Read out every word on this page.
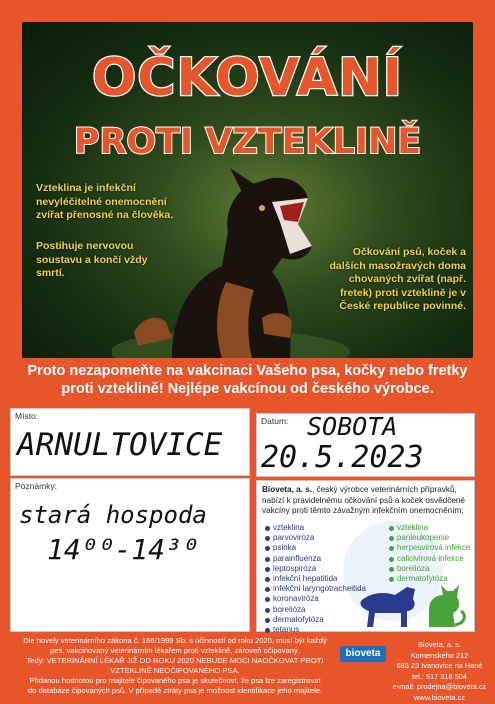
OČKOVÁNÍ
PROTI VZTEKLINĚ
Vzteklina je infekční nevyléčitelné onemocnění zvířat přenosné na člověka.
Postihuje nervovou soustavu a končí vždy smrtí.
Očkování psů, koček a dalších masožravých doma chovaných zvířat (např. fretek) proti vzteklině je v České republice povinné.
Proto nezapomeňte na vakcinaci Vašeho psa, kočky nebo fretky
proti vzteklině! Nejlépe vakcínou od českého výrobce.
Místo:
ARNULTOVICE
Datum: SOBOTA
20.5.2023
Poznámky:
stará hospoda
14⁰⁰-14³⁰
Bioveta, a. s., český výrobce veterinárních přípravků, nabízí k pravidelnému očkování psů a koček osvědčené vakcíny proti těmto závažným infekčním onemocněním:
vzteklina
parvoviróza
psinka
parainfluenza
leptospiróza
infekční hepatitida
infekční laryngotracheitida
koronaviróza
borelióza
dermatofytóza
tetanus
vzteklina
panleukopenie
herpesvirová infekce
calicivirová infekce
borelióza
dermatofytóza
Dle novely veterinárního zákona č. 166/1999 Sb. s účinností od roku 2020, musí být každý
pes, vakcinovaný veterinárním lékařem proti vzteklině, zároveň očipovaný.
Tedy: VETERINÁRNÍ LÉKAŘ JIŽ OD ROKU 2020 NEBUDE MOCI NAOČKOVAT PROTI
VZTEKLINĚ NEOČIPOVANÉHO PSA.
Přidanou hodnotou pro majitele čipovaného psa je skutečnost, že psa lze zaregistrovat
do databáze čipovaných psů. V případě ztráty psa je možnost identifikace jeho majitele.
bioveta
Bioveta, a. s.
Komenského 212
683 23 Ivanovice na Hané
tel.: 517 318 504
e-mail: prodejna@bioveta.cz
www.bioveta.cz
